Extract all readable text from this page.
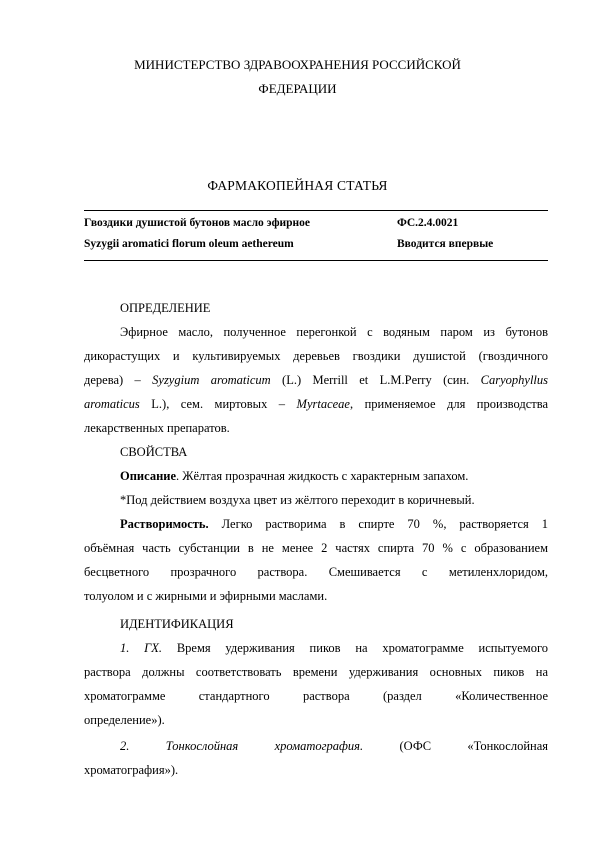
МИНИСТЕРСТВО ЗДРАВООХРАНЕНИЯ РОССИЙСКОЙ
ФЕДЕРАЦИИ
ФАРМАКОПЕЙНАЯ СТАТЬЯ
Гвоздики душистой бутонов масло эфирное	ФС.2.4.0021
Syzygii aromatici florum oleum aethereum	Вводится впервые
ОПРЕДЕЛЕНИЕ
Эфирное масло, полученное перегонкой с водяным паром из бутонов
дикорастущих и культивируемых деревьев гвоздики душистой (гвоздичного
дерева) – Syzygium aromaticum (L.) Merrill et L.M.Perry (син. Caryophyllus
aromaticus L.), сем. миртовых – Myrtaceae, применяемое для производства
лекарственных препаратов.
СВОЙСТВА
Описание. Жёлтая прозрачная жидкость с характерным запахом.
*Под действием воздуха цвет из жёлтого переходит в коричневый.
Растворимость. Легко растворима в спирте 70 %, растворяется 1
объёмная часть субстанции в не менее 2 частях спирта 70 % с образованием
бесцветного прозрачного раствора. Смешивается с метиленхлоридом,
толуолом и с жирными и эфирными маслами.
ИДЕНТИФИКАЦИЯ
1. ГХ. Время удерживания пиков на хроматограмме испытуемого
раствора должны соответствовать времени удерживания основных пиков на
хроматограмме стандартного раствора (раздел «Количественное
определение»).
2. Тонкослойная хроматография. (ОФС «Тонкослойная
хроматография»).
